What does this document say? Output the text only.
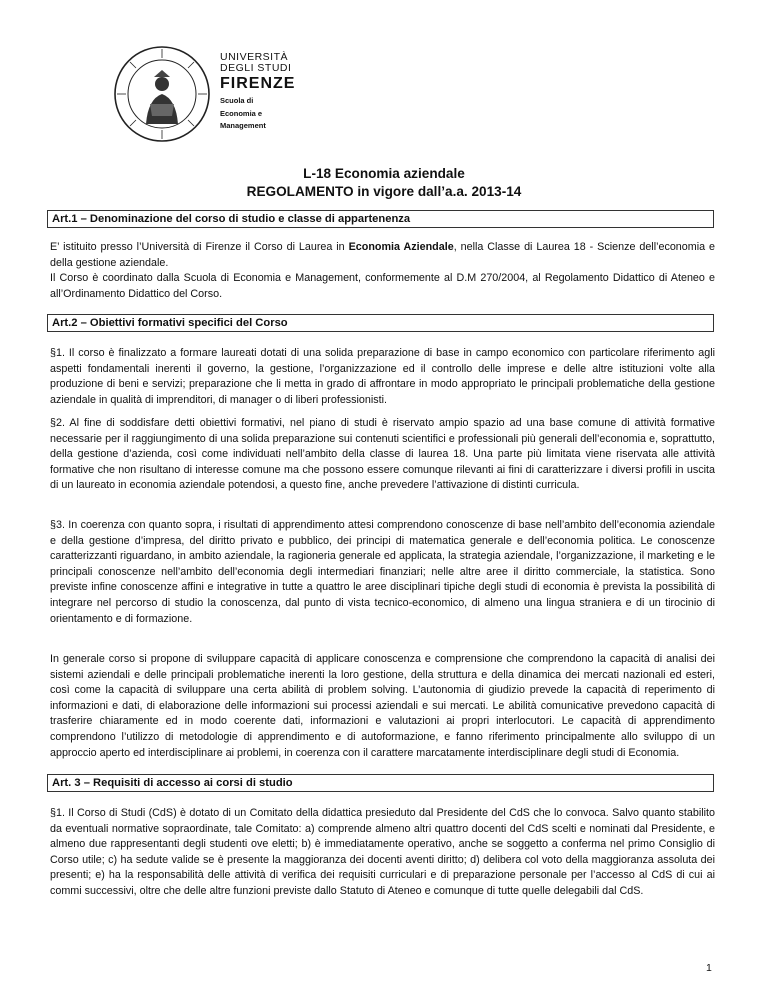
UNIVERSITÀ
DEGLI STUDI
FIRENZE
Scuola di
Economia e
Management
L-18 Economia aziendale
REGOLAMENTO in vigore dall’a.a. 2013-14
Art.1 – Denominazione del corso di studio e classe di appartenenza

E’ istituito presso l’Università di Firenze il Corso di Laurea in Economia Aziendale, nella Classe di Laurea 18 - Scienze dell’economia e della gestione aziendale.

Il Corso è coordinato dalla Scuola di Economia e Management, conformemente al D.M 270/2004, al Regolamento Didattico di Ateneo e all’Ordinamento Didattico del Corso.

Art.2 – Obiettivi formativi specifici del Corso

§1. Il corso è finalizzato a formare laureati dotati di una solida preparazione di base in campo economico con particolare riferimento agli aspetti fondamentali inerenti il governo, la gestione, l’organizzazione ed il controllo delle imprese e delle altre istituzioni volte alla produzione di beni e servizi; preparazione che li metta in grado di affrontare in modo appropriato le principali problematiche della gestione aziendale in qualità di imprenditori, di manager o di liberi professionisti.

§2. Al fine di soddisfare detti obiettivi formativi, nel piano di studi è riservato ampio spazio ad una base comune di attività formative necessarie per il raggiungimento di una solida preparazione sui contenuti scientifici e professionali più generali dell’economia e, soprattutto, della gestione d’azienda, così come individuati nell’ambito della classe di laurea 18. Una parte più limitata viene riservata alle attività formative che non risultano di interesse comune ma che possono essere comunque rilevanti ai fini di caratterizzare i diversi profili in uscita di un laureato in economia aziendale potendosi, a questo fine, anche prevedere l’attivazione di distinti curricula.

§3. In coerenza con quanto sopra, i risultati di apprendimento attesi comprendono conoscenze di base nell’ambito dell’economia aziendale e della gestione d’impresa, del diritto privato e pubblico, dei principi di matematica generale e dell’economia politica. Le conoscenze caratterizzanti riguardano, in ambito aziendale, la ragioneria generale ed applicata, la strategia aziendale, l’organizzazione, il marketing e le principali conoscenze nell’ambito dell’economia degli intermediari finanziari; nelle altre aree il diritto commerciale, la statistica. Sono previste infine conoscenze affini e integrative in tutte a quattro le aree disciplinari tipiche degli studi di economia è prevista la possibilità di integrare nel percorso di studio la conoscenza, dal punto di vista tecnico-economico, di almeno una lingua straniera e di un tirocinio di orientamento e di formazione.

In generale corso si propone di sviluppare capacità di applicare conoscenza e comprensione che comprendono la capacità di analisi dei sistemi aziendali e delle principali problematiche inerenti la loro gestione, della struttura e della dinamica dei mercati nazionali ed esteri, così come la capacità di sviluppare una certa abilità di problem solving. L’autonomia di giudizio prevede la capacità di reperimento di informazioni e dati, di elaborazione delle informazioni sui processi aziendali e sui mercati. Le abilità comunicative prevedono capacità di trasferire chiaramente ed in modo coerente dati, informazioni e valutazioni ai propri interlocutori. Le capacità di apprendimento comprendono l’utilizzo di metodologie di apprendimento e di autoformazione, e fanno riferimento principalmente allo sviluppo di un approccio aperto ed interdisciplinare ai problemi, in coerenza con il carattere marcatamente interdisciplinare degli studi di Economia.

Art. 3 – Requisiti di accesso ai corsi di studio

§1. Il Corso di Studi (CdS) è dotato di un Comitato della didattica presieduto dal Presidente del CdS che lo convoca. Salvo quanto stabilito da eventuali normative sopraordinate, tale Comitato: a) comprende almeno altri quattro docenti del CdS scelti e nominati dal Presidente, e almeno due rappresentanti degli studenti ove eletti; b) è immediatamente operativo, anche se soggetto a conferma nel primo Consiglio di Corso utile; c) ha sedute valide se è presente la maggioranza dei docenti aventi diritto; d) delibera col voto della maggioranza assoluta dei presenti; e) ha la responsabilità delle attività di verifica dei requisiti curriculari e di preparazione personale per l’accesso al CdS di cui ai commi successivi, oltre che delle altre funzioni previste dallo Statuto di Ateneo e comunque di tutte quelle delegabili dal CdS.

1
